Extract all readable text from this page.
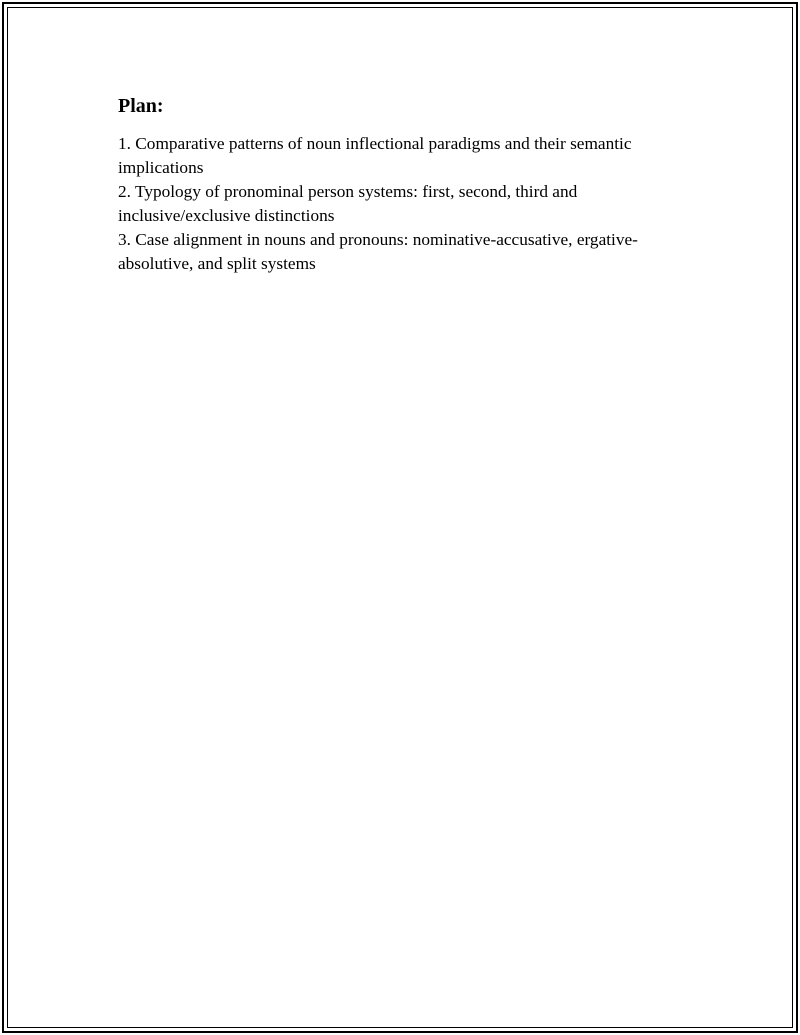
Plan:
1. Comparative patterns of noun inflectional paradigms and their semantic implications
2. Typology of pronominal person systems: first, second, third and inclusive/exclusive distinctions
3. Case alignment in nouns and pronouns: nominative-accusative, ergative-absolutive, and split systems
